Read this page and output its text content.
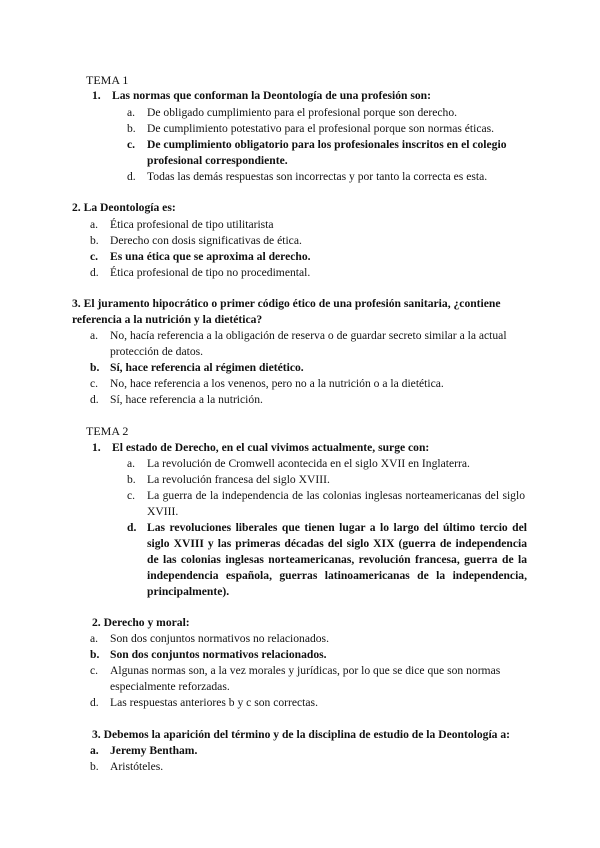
TEMA 1
1. Las normas que conforman la Deontología de una profesión son:
a.	De obligado cumplimiento para el profesional porque son derecho.
b. De cumplimiento potestativo para el profesional porque son normas éticas.
c.	De cumplimiento obligatorio para los profesionales inscritos en el colegio profesional correspondiente.
d. Todas las demás respuestas son incorrectas y por tanto la correcta es esta.
2. La Deontología es:
a.	Ética profesional de tipo utilitarista
b. Derecho con dosis significativas de ética.
c.	Es una ética que se aproxima al derecho.
d. Ética profesional de tipo no procedimental.
3. El juramento hipocrático o primer código ético de una profesión sanitaria, ¿contiene referencia a la nutrición y la dietética?
a.	No, hacía referencia a la obligación de reserva o de guardar secreto similar a la actual protección de datos.
b. Sí, hace referencia al régimen dietético.
c.	No, hace referencia a los venenos, pero no a la nutrición o a la dietética.
d. Sí, hace referencia a la nutrición.
TEMA 2
1. El estado de Derecho, en el cual vivimos actualmente, surge con:
a.	La revolución de Cromwell acontecida en el siglo XVII en Inglaterra.
b. La revolución francesa del siglo XVIII.
c.	La guerra de la independencia de las colonias inglesas norteamericanas del siglo XVIII.
d. Las revoluciones liberales que tienen lugar a lo largo del último tercio del siglo XVIII y las primeras décadas del siglo XIX (guerra de independencia de las colonias inglesas norteamericanas, revolución francesa, guerra de la independencia española, guerras latinoamericanas de la independencia, principalmente).
2. Derecho y moral:
a.	Son dos conjuntos normativos no relacionados.
b. Son dos conjuntos normativos relacionados.
c.	Algunas normas son, a la vez morales y jurídicas, por lo que se dice que son normas especialmente reforzadas.
d. Las respuestas anteriores b y c son correctas.
3. Debemos la aparición del término y de la disciplina de estudio de la Deontología a:
a. Jeremy Bentham.
b. Aristóteles.
